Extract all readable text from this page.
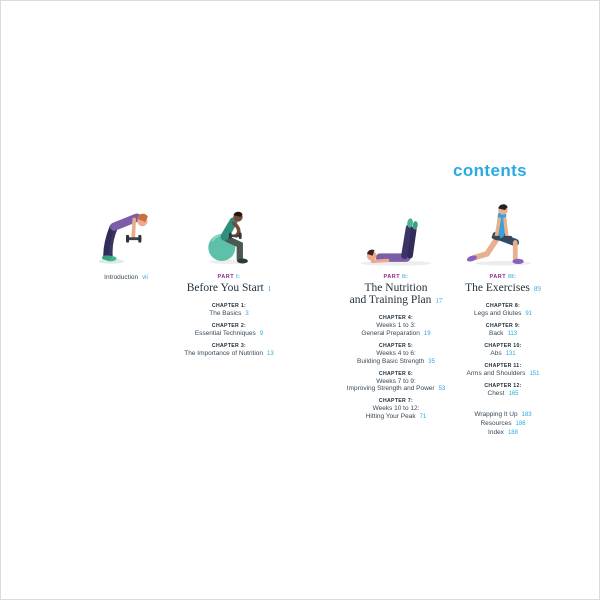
contents
Introduction vii	PART I:
Before You Start 1
CHAPTER 1:
The Basics 3
CHAPTER 2:
Essential Techniques 9
CHAPTER 3:
The Importance of Nutrition 13
PART II:
The Nutrition
and Training Plan 17
CHAPTER 4:
Weeks 1 to 3:
General Preparation 19
CHAPTER 5:
Weeks 4 to 6:
Building Basic Strength 35
CHAPTER 6:
Weeks 7 to 9:
Improving Strength and Power 53
CHAPTER 7:
Weeks 10 to 12:
Hitting Your Peak 71
PART III:
The Exercises 89
CHAPTER 8:
Legs and Glutes 91
CHAPTER 9:
Back 113
CHAPTER 10:
Abs 131
CHAPTER 11:
Arms and Shoulders 151
CHAPTER 12:
Chest 165
Wrapping It Up 183
Resources 186
Index 188
